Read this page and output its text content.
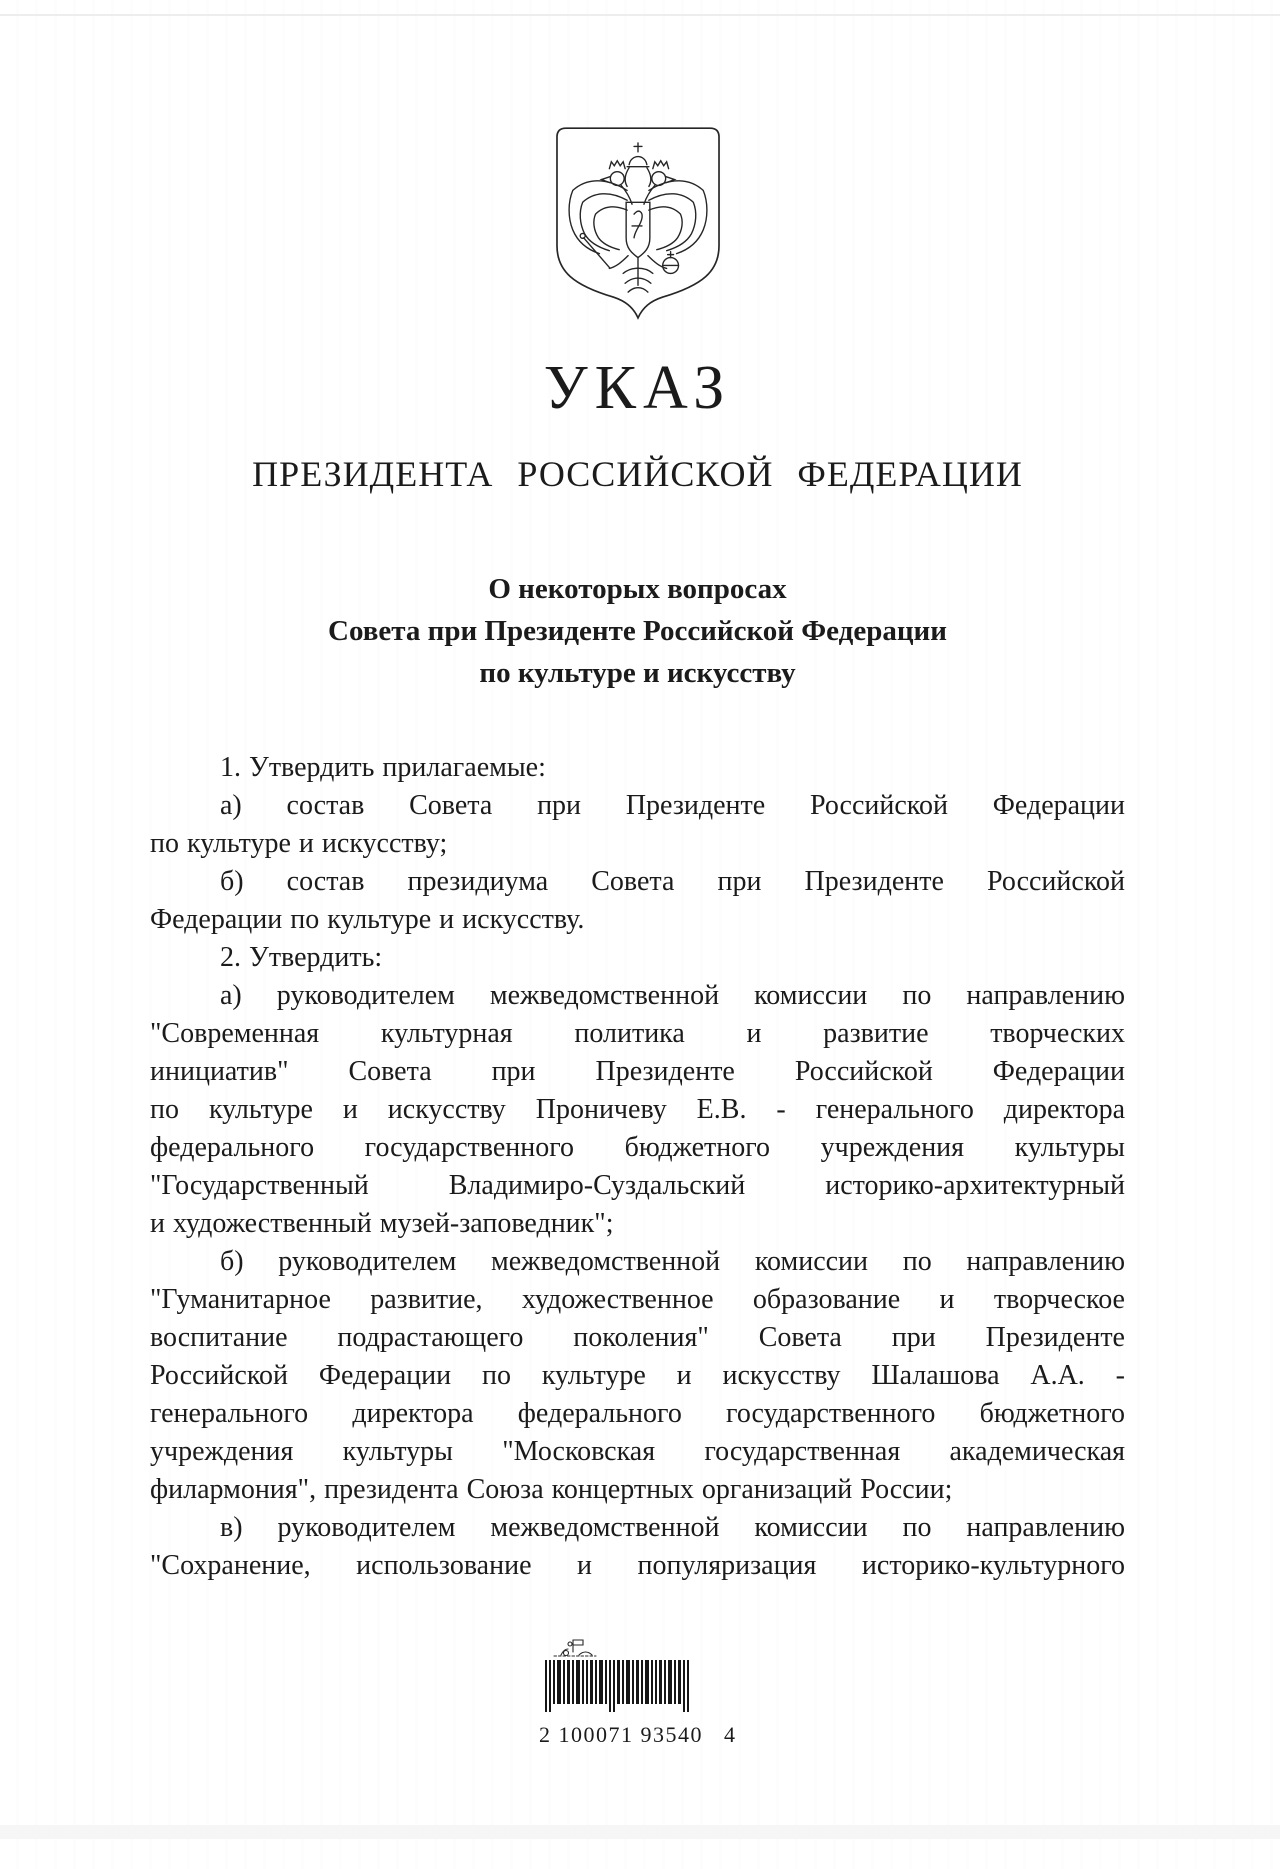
УКАЗ
ПРЕЗИДЕНТА РОССИЙСКОЙ ФЕДЕРАЦИИ
О некоторых вопросах
Совета при Президенте Российской Федерации
по культуре и искусству
1. Утвердить прилагаемые:
а) состав Совета при Президенте Российской Федерации
по культуре и искусству;
б) состав президиума Совета при Президенте Российской
Федерации по культуре и искусству.
2. Утвердить:
а) руководителем межведомственной комиссии по направлению
"Современная культурная политика и развитие творческих
инициатив" Совета при Президенте Российской Федерации
по культуре и искусству Проничеву Е.В. - генерального директора
федерального государственного бюджетного учреждения культуры
"Государственный Владимиро-Суздальский историко-архитектурный
и художественный музей-заповедник";
б) руководителем межведомственной комиссии по направлению
"Гуманитарное развитие, художественное образование и творческое
воспитание подрастающего поколения" Совета при Президенте
Российской Федерации по культуре и искусству Шалашова А.А. -
генерального директора федерального государственного бюджетного
учреждения культуры "Московская государственная академическая
филармония", президента Союза концертных организаций России;
в) руководителем межведомственной комиссии по направлению
"Сохранение, использование и популяризация историко-культурного
2 100071 93540   4
